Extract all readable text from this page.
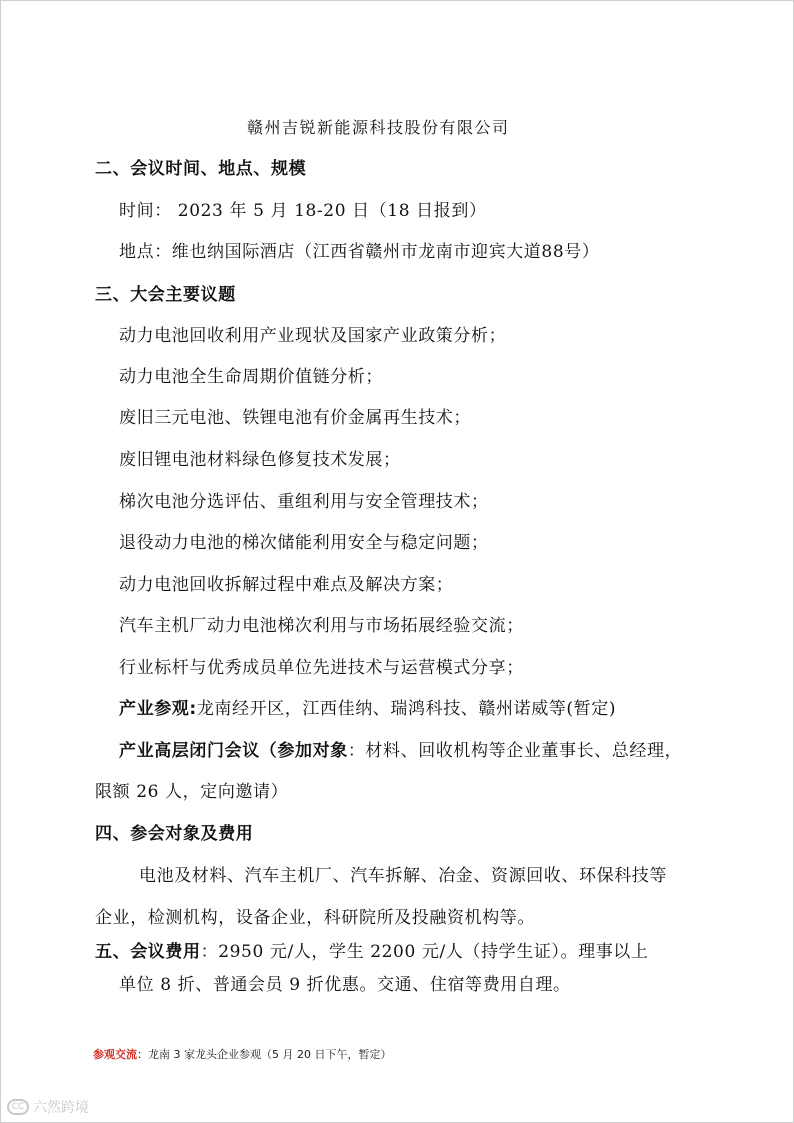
赣州吉锐新能源科技股份有限公司
二、会议时间、地点、规模
时间： 2023 年 5 月 18-20 日（18 日报到）
地点：维也纳国际酒店（江西省赣州市龙南市迎宾大道88号）
三、大会主要议题
动力电池回收利用产业现状及国家产业政策分析；
动力电池全生命周期价值链分析；
废旧三元电池、铁锂电池有价金属再生技术；
废旧锂电池材料绿色修复技术发展；
梯次电池分选评估、重组利用与安全管理技术；
退役动力电池的梯次储能利用安全与稳定问题；
动力电池回收拆解过程中难点及解决方案；
汽车主机厂动力电池梯次利用与市场拓展经验交流；
行业标杆与优秀成员单位先进技术与运营模式分享；
产业参观:龙南经开区，江西佳纳、瑞鸿科技、赣州诺威等(暂定)
产业高层闭门会议（参加对象：材料、回收机构等企业董事长、总经理，
限额 26 人，定向邀请）
四、参会对象及费用
电池及材料、汽车主机厂、汽车拆解、冶金、资源回收、环保科技等
企业，检测机构，设备企业，科研院所及投融资机构等。
五、会议费用：2950 元/人，学生 2200 元/人（持学生证）。理事以上
单位 8 折、普通会员 9 折优惠。交通、住宿等费用自理。
参观交流：龙南 3 家龙头企业参观（5 月 20 日下午，暂定）
CC 六然跨境
